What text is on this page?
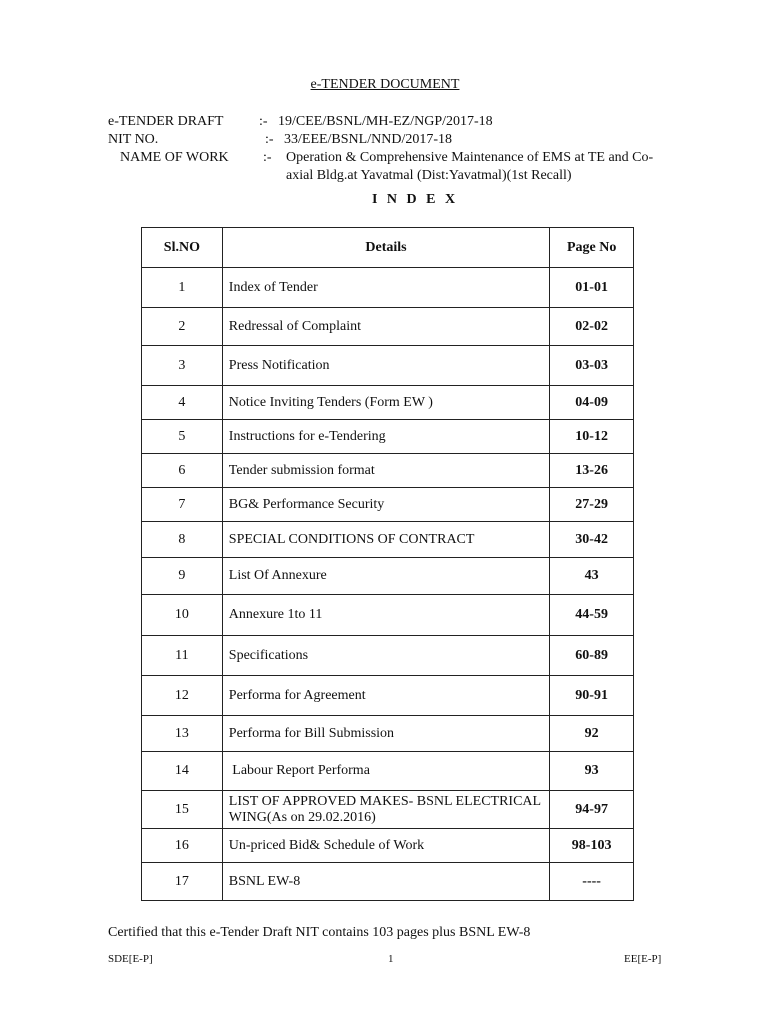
e-TENDER DOCUMENT
e-TENDER DRAFT	:- 19/CEE/BSNL/MH-EZ/NGP/2017-18
NIT NO.	:- 33/EEE/BSNL/NND/2017-18
NAME OF WORK :- Operation & Comprehensive Maintenance of EMS at TE and Co-
axial Bldg.at Yavatmal (Dist:Yavatmal)(1st Recall)
I N D E X
Sl.NO	Details	Page No
1	Index of Tender	01-01
2	Redressal of Complaint	02-02
3	Press Notification	03-03
4	Notice Inviting Tenders (Form EW )	04-09
5	Instructions for e-Tendering	10-12
6	Tender submission format	13-26
7	BG& Performance Security	27-29
8	SPECIAL CONDITIONS OF CONTRACT	30-42
9	List Of Annexure	43
10	Annexure 1to 11	44-59
11	Specifications	60-89
12	Performa for Agreement	90-91
13	Performa for Bill Submission	92
14	Labour Report Performa	93
15	LIST OF APPROVED MAKES- BSNL ELECTRICAL WING(As on 29.02.2016)	94-97
16	Un-priced Bid& Schedule of Work	98-103
17	BSNL EW-8	----
Certified that this e-Tender Draft NIT contains 103 pages plus BSNL EW-8
SDE[E-P]	1	EE[E-P]
